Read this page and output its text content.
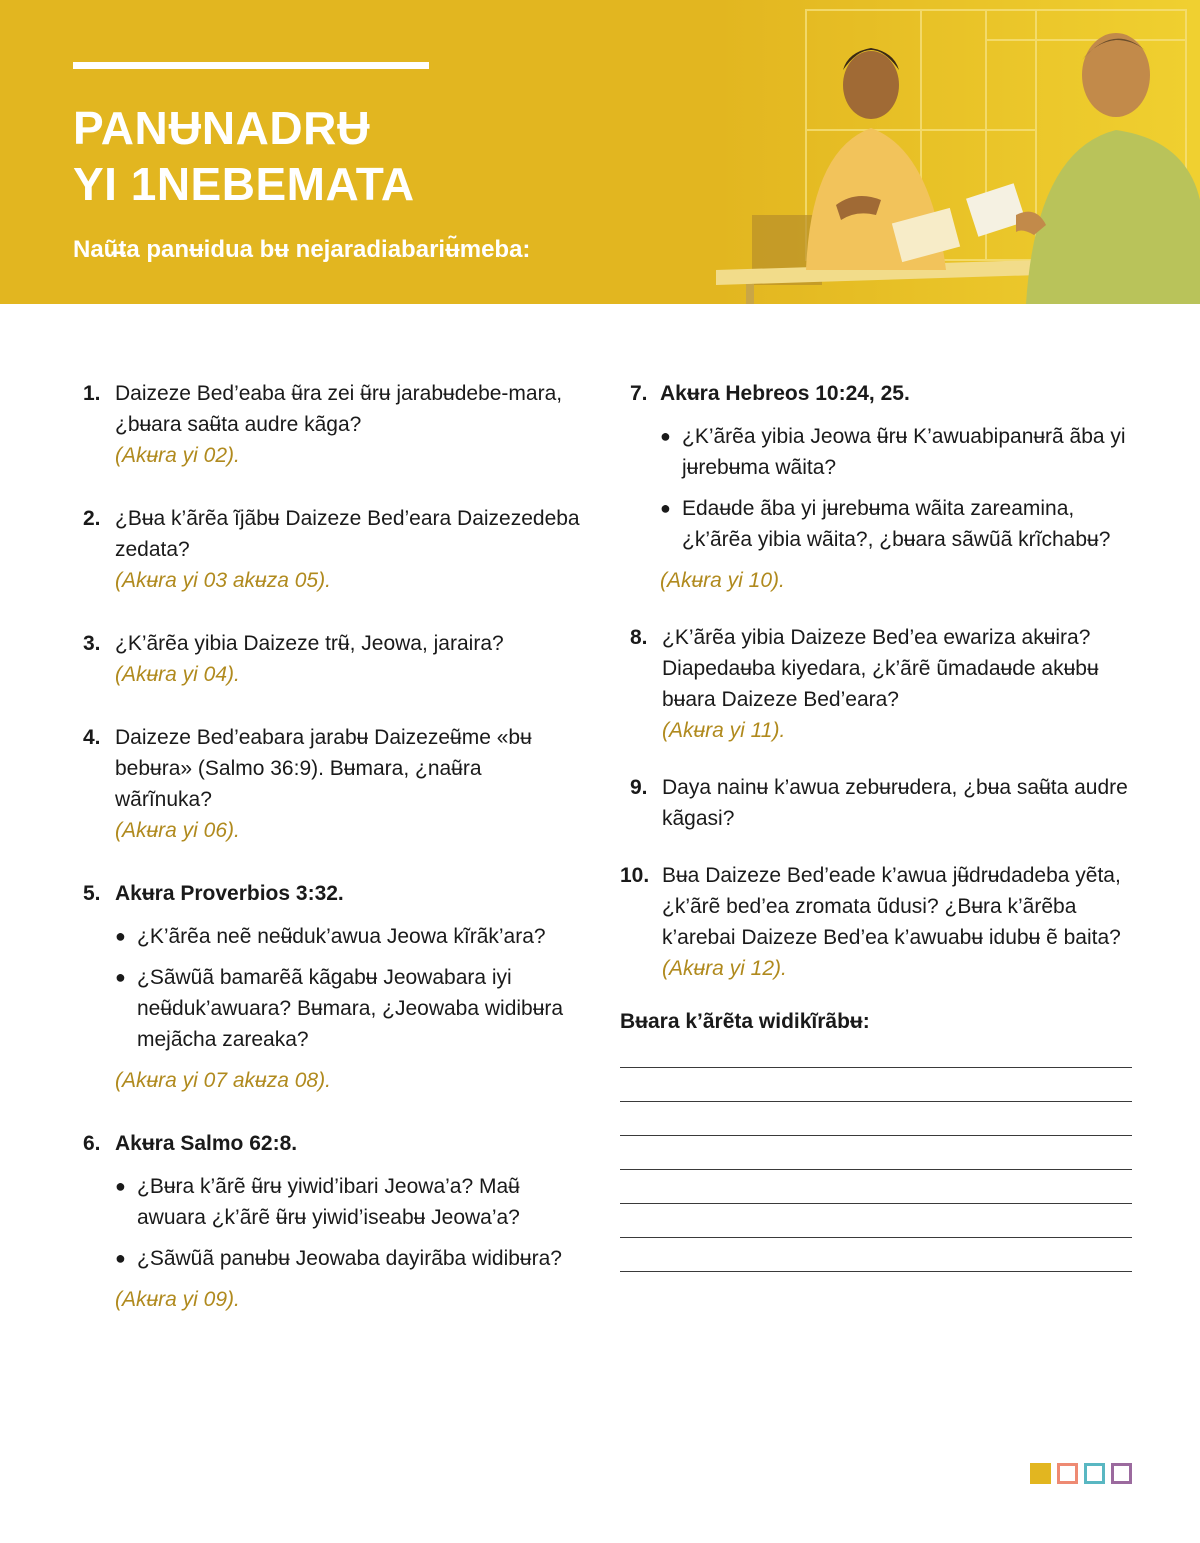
PANɄNADRɄ
YI 1NEBEMATA
Naũ̶ta panʉidua bʉ nejaradiabariʉ̃meba:
1. Daizeze Bed’eaba ʉ̃ra zei ʉ̃rʉ jarabʉdebe-mara, ¿bʉara saʉ̃ta audre kãga?
(Akʉra yi 02).
2. ¿Bʉa k’ãrẽa ĩjãbʉ Daizeze Bed’eara Daizezedeba zedata?
(Akʉra yi 03 akʉza 05).
3. ¿K’ãrẽa yibia Daizeze trʉ̃, Jeowa, jaraira?
(Akʉra yi 04).
4. Daizeze Bed’eabara jarabʉ Daizezeʉ̃me «bʉ bebʉra» (Salmo 36:9). Bʉmara, ¿naʉ̃ra wãrĩnuka?
(Akʉra yi 06).
5. Akʉra Proverbios 3:32.
● ¿K’ãrẽa neẽ neʉ̃duk’awua Jeowa kĩrãk’ara?
● ¿Sãwũã bamarẽã kãgabʉ Jeowabara iyi neʉ̃duk’awuara? Bʉmara, ¿Jeowaba widibʉra mejãcha zareaka?
(Akʉra yi 07 akʉza 08).
6. Akʉra Salmo 62:8.
● ¿Bʉra k’ãrẽ ʉ̃rʉ yiwid’ibari Jeowa’a? Maʉ̃ awuara ¿k’ãrẽ ʉ̃rʉ yiwid’iseabʉ Jeowa’a?
● ¿Sãwũã panʉbʉ Jeowaba dayirãba widibʉra?
(Akʉra yi 09).
7. Akʉra Hebreos 10:24, 25.
● ¿K’ãrẽa yibia Jeowa ʉ̃rʉ K’awuabipanʉrã ãba yi jʉrebʉma wãita?
● Edaʉde ãba yi jʉrebʉma wãita zareamina, ¿k’ãrẽa yibia wãita?, ¿bʉara sãwũã krĩchabʉ?
(Akʉra yi 10).
8. ¿K’ãrẽa yibia Daizeze Bed’ea ewariza akʉira? Diapedaʉba kiyedara, ¿k’ãrẽ ũmadaʉde akʉbʉ bʉara Daizeze Bed’eara?
(Akʉra yi 11).
9. Daya nainʉ k’awua zebʉrʉdera, ¿bʉa saʉ̃ta audre kãgasi?
10. Bʉa Daizeze Bed’eade k’awua jʉ̃drʉdadeba yẽta, ¿k’ãrẽ bed’ea zromata ũdusi? ¿Bʉra k’ãrẽba k’arebai Daizeze Bed’ea k’awuabʉ idubʉ ẽ baita?
(Akʉra yi 12).
Bʉara k’ãrẽta widikĩrãbʉ:
